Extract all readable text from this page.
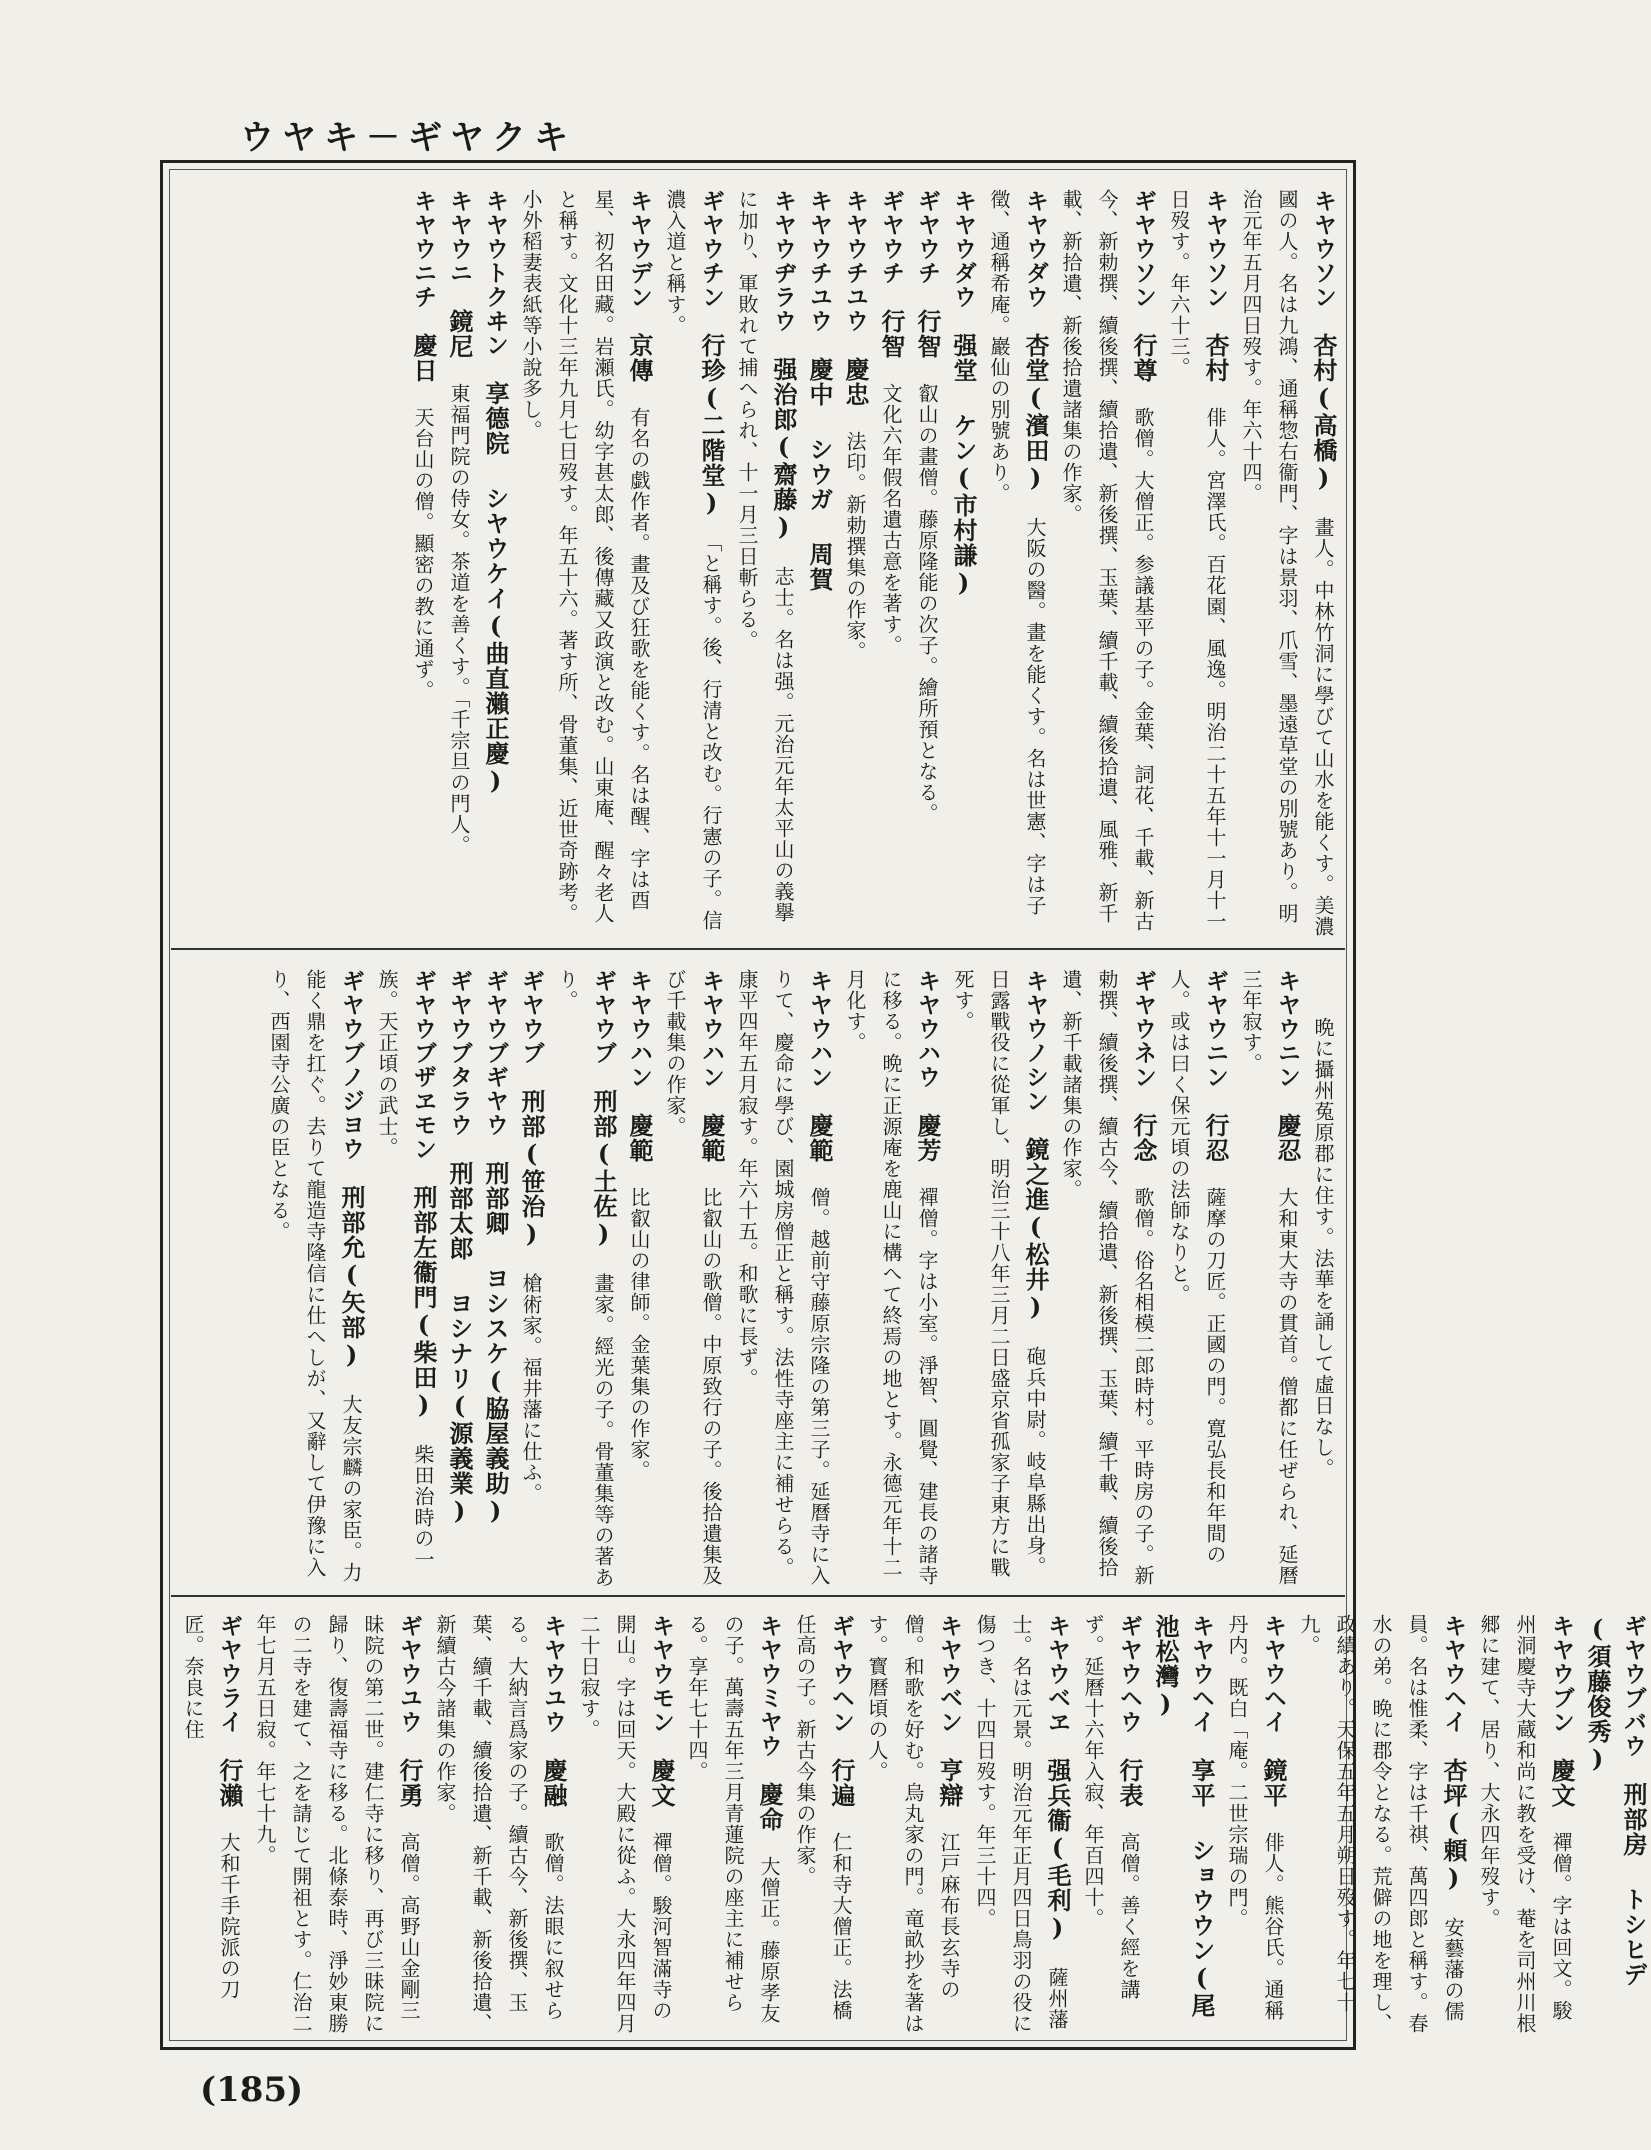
ウヤキ－ギヤクキ
キヤウソン　杏村(高橋)　畫人。中林竹洞に學びて山水を能くす。美濃國の人。名は九鴻、通稱惣右衞門、字は景羽、爪雪、墨遠草堂の別號あり。明治元年五月四日歿す。年六十四。キヤウソン　杏村　俳人。宮澤氏。百花園、風逸。明治二十五年十一月十一日歿す。年六十三。ギヤウソン　行尊　歌僧。大僧正。参議基平の子。金葉、詞花、千載、新古今、新勅撰、續後撰、續拾遺、新後撰、玉葉、續千載、續後拾遺、風雅、新千載、新拾遺、新後拾遺諸集の作家。キヤウダウ　杏堂(濱田)　大阪の醫。畫を能くす。名は世憲、字は子徵、通稱希庵。巖仙の別號あり。キヤウダウ　强堂 ケン(市村謙)　ギヤウチ　行智　叡山の畫僧。藤原隆能の次子。繪所預となる。ギヤウチ　行智　文化六年假名遺古意を著す。キヤウチユウ　慶忠　法印。新勅撰集の作家。キヤウチユウ　慶中 シウガ 周賀　キヤウヂラウ　强治郎(齋藤)　志士。名は强。元治元年太平山の義擧に加り、軍敗れて捕へられ、十一月三日斬らる。ギヤウチン　行珍(二階堂)　「と稱す。後、行清と改む。行憲の子。信濃入道と稱す。キヤウデン　京傳　有名の戯作者。畫及び狂歌を能くす。名は醒、字は酉星、初名田藏。岩瀬氏。幼字甚太郎、後傳藏又政演と改む。山東庵、醒々老人と稱す。文化十三年九月七日歿す。年五十六。著す所、骨董集、近世奇跡考。小外稻妻表紙等小說多し。キヤウトクヰン　享德院 シヤウケイ(曲直瀨正慶)　キヤウニ　鏡尼　東福門院の侍女。茶道を善くす。「千宗旦の門人。キヤウニチ　慶日　天台山の僧。顯密の教に通ず。
　　晩に攝州菟原郡に住す。法華を誦して虛日なし。キヤウニン　慶忍　大和東大寺の貫首。僧都に任ぜられ、延曆三年寂す。ギヤウニン　行忍　薩摩の刀匠。正國の門。寛弘長和年間の人。或は曰く保元頃の法師なりと。ギヤウネン　行念　歌僧。俗名相模二郎時村。平時房の子。新勅撰、續後撰、續古今、續拾遺、新後撰、玉葉、續千載、續後拾遺、新千載諸集の作家。キヤウノシン　鏡之進(松井)　砲兵中尉。岐阜縣出身。日露戰役に從軍し、明治三十八年三月二日盛京省孤家子東方に戰死す。キヤウハウ　慶芳　禪僧。字は小室。淨智、圓覺、建長の諸寺に移る。晩に正源庵を鹿山に構へて終焉の地とす。永德元年十二月化す。キヤウハン　慶範　僧。越前守藤原宗隆の第三子。延曆寺に入りて、慶命に學び、園城房僧正と稱す。法性寺座主に補せらる。康平四年五月寂す。年六十五。和歌に長ず。キヤウハン　慶範　比叡山の歌僧。中原致行の子。後拾遺集及び千載集の作家。キヤウハン　慶範　比叡山の律師。金葉集の作家。ギヤウブ　刑部(土佐)　畫家。經光の子。骨董集等の著あり。ギヤウブ　刑部(笹治)　槍術家。福井藩に仕ふ。ギヤウブギヤウ　刑部卿 ヨシスケ(脇屋義助)　ギヤウブタラウ　刑部太郎 ヨシナリ(源義業)　ギヤウブザヱモン　刑部左衞門(柴田)　柴田治時の一族。天正頃の武士。ギヤウブノジヨウ　刑部允(矢部)　大友宗麟の家臣。力能く鼎を扛ぐ。去りて龍造寺隆信に仕へしが、又辭して伊豫に入り、西園寺公廣の臣となる。
ギヤウブバウ　刑部房 トシヒデ(須藤俊秀)　キヤウブン　慶文　禪僧。字は回文。駿州洞慶寺大蔵和尚に教を受け、菴を司州川根郷に建て、居り、大永四年歿す。キヤウヘイ　杏坪(頼)　安藝藩の儒員。名は惟柔、字は千祺、萬四郎と稱す。春水の弟。晩に郡令となる。荒僻の地を理し、政績あり。天保五年五月朔日歿す。年七十九。キヤウヘイ　鏡平　俳人。熊谷氏。通稱丹内。既白「庵。二世宗瑞の門。キヤウヘイ　享平 ショウウン(尾池松灣)　ギヤウヘウ　行表　高僧。善く經を講ず。延曆十六年入寂、年百四十。キヤウベヱ　强兵衞(毛利)　薩州藩士。名は元景。明治元年正月四日鳥羽の役に傷つき、十四日歿す。年三十四。キヤウベン　亨辯　江戸麻布長玄寺の僧。和歌を好む。烏丸家の門。竜畝抄を著はす。寳曆頃の人。ギヤウヘン　行遍　仁和寺大僧正。法橋任高の子。新古今集の作家。キヤウミヤウ　慶命　大僧正。藤原孝友の子。萬壽五年三月青蓮院の座主に補せらる。享年七十四。キヤウモン　慶文　禪僧。駿河智滿寺の開山。字は回天。大殿に從ふ。大永四年四月二十日寂す。キヤウユウ　慶融　歌僧。法眼に叙せらる。大納言爲家の子。續古今、新後撰、玉葉、續千載、續後拾遺、新千載、新後拾遺、新續古今諸集の作家。ギヤウユウ　行勇　高僧。高野山金剛三昧院の第二世。建仁寺に移り、再び三昧院に歸り、復壽福寺に移る。北條泰時、淨妙東勝の二寺を建て、之を請じて開祖とす。仁治二年七月五日寂。年七十九。ギヤウライ　行瀨　大和千手院派の刀匠。奈良に住
(185)
